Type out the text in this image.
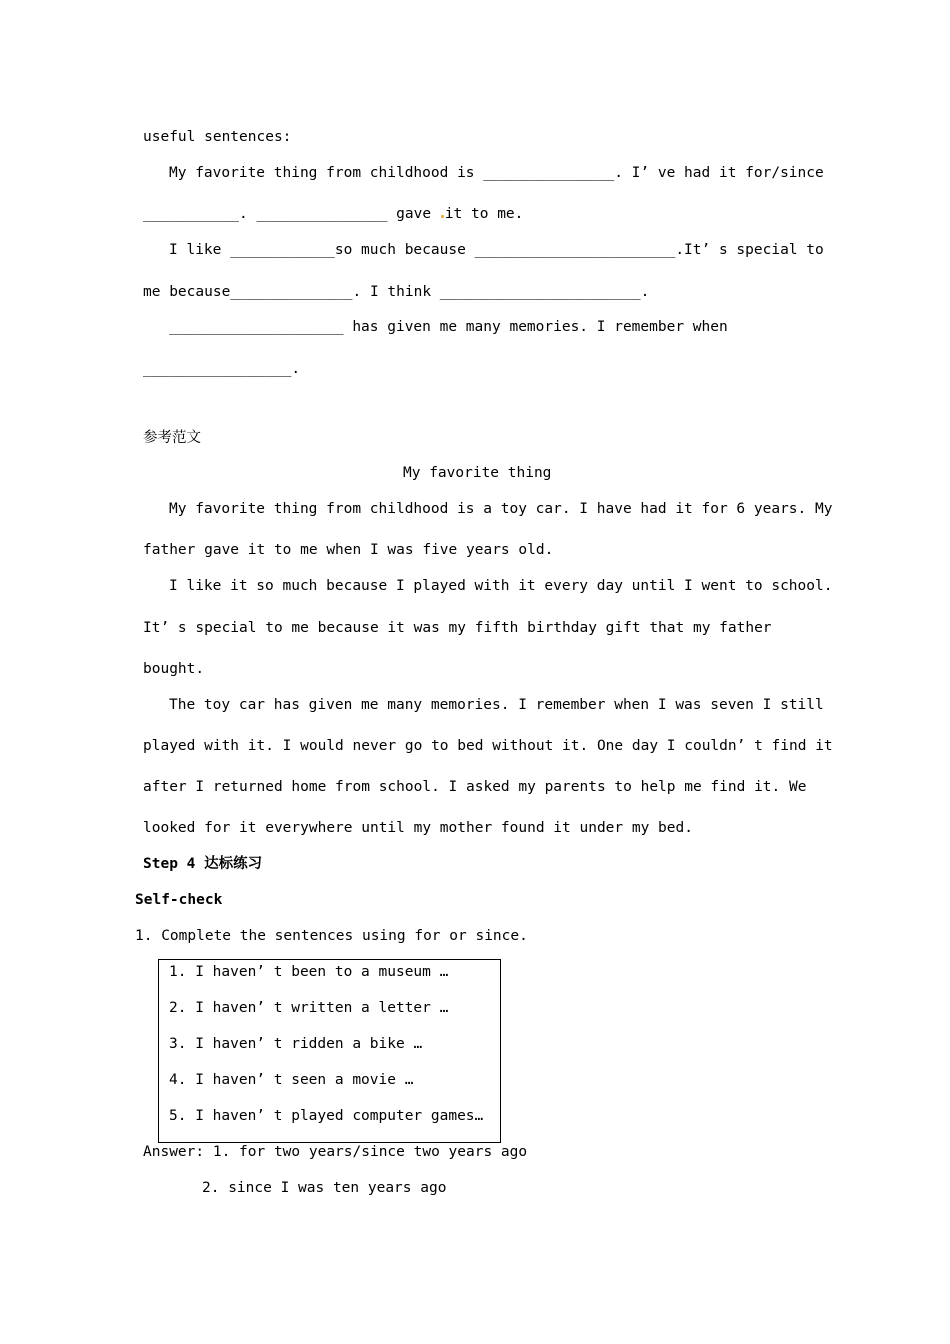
useful sentences:
My favorite thing from childhood is _______________. I’ ve had it for/since
___________. _______________ gave it to me.
I like ____________so much because _______________________.It’ s special to
me because______________. I think _______________________.
____________________ has given me many memories. I remember when
_________________.
参考范文
My favorite thing
My favorite thing from childhood is a toy car. I have had it for 6 years. My
father gave it to me when I was five years old.
I like it so much because I played with it every day until I went to school.
It’ s special to me because it was my fifth birthday gift that my father
bought.
The toy car has given me many memories. I remember when I was seven I still
played with it. I would never go to bed without it. One day I couldn’ t find it
after I returned home from school. I asked my parents to help me find it. We
looked for it everywhere until my mother found it under my bed.
Step 4 达标练习
Self-check
1. Complete the sentences using for or since.
1. I haven’ t been to a museum …
2. I haven’ t written a letter …
3. I haven’ t ridden a bike …
4. I haven’ t seen a movie …
5. I haven’ t played computer games…
Answer: 1. for two years/since two years ago
2. since I was ten years ago
